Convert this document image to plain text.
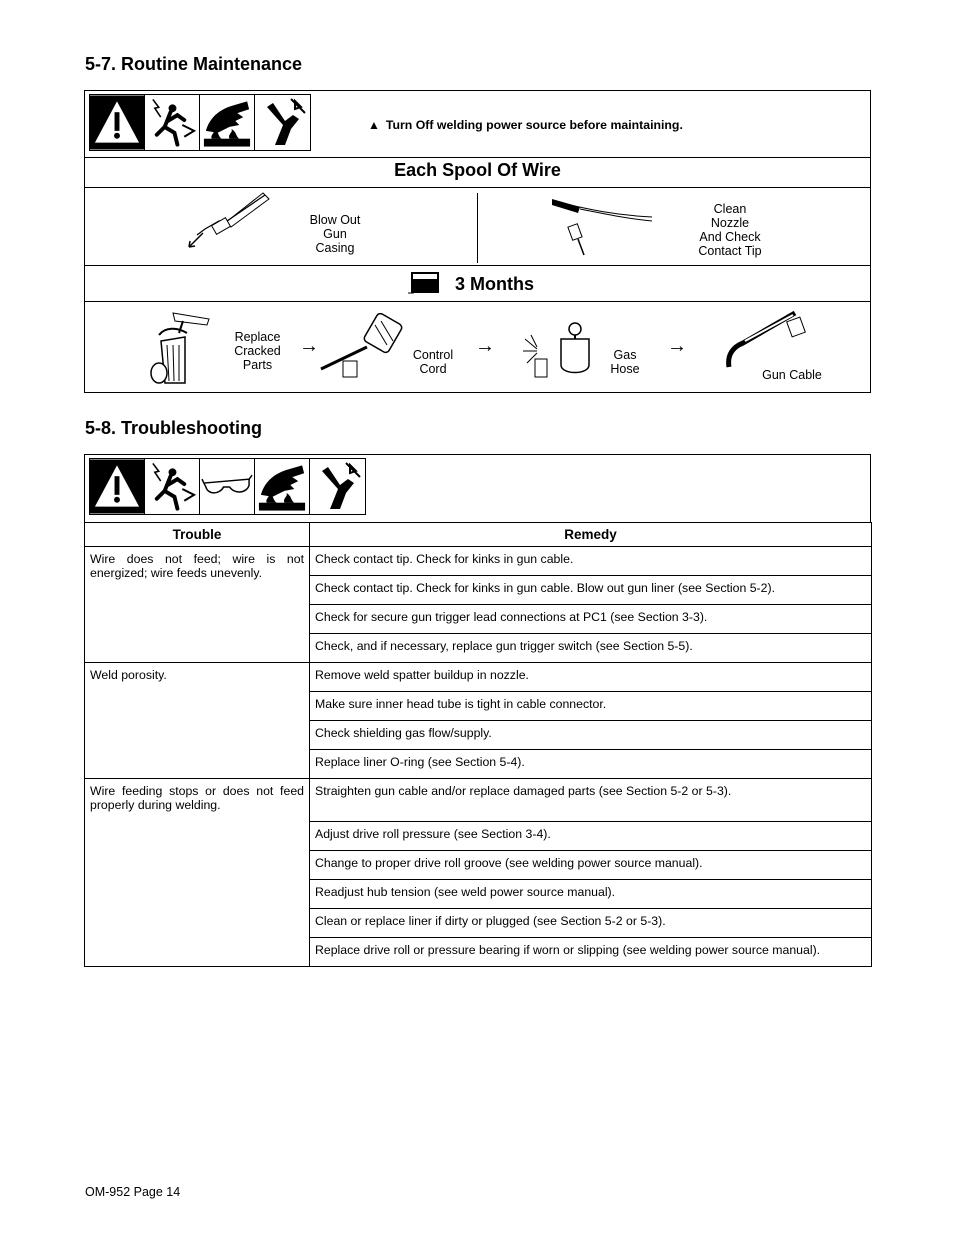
5-7. Routine Maintenance
▲ Turn Off welding power source before maintaining.
Each Spool Of Wire
Blow Out
Gun
Casing
Clean
Nozzle
And Check
Contact Tip
3 Months
Replace
Cracked
Parts
→	Control
Cord
→	Gas
Hose
→
Gun Cable
5-8. Troubleshooting
Trouble	Remedy
Wire does not feed; wire is not energized; wire feeds unevenly.	Check contact tip. Check for kinks in gun cable.
	Check contact tip. Check for kinks in gun cable. Blow out gun liner (see Section 5-2).
	Check for secure gun trigger lead connections at PC1 (see Section 3-3).
	Check, and if necessary, replace gun trigger switch (see Section 5-5).
Weld porosity.	Remove weld spatter buildup in nozzle.
	Make sure inner head tube is tight in cable connector.
	Check shielding gas flow/supply.
	Replace liner O-ring (see Section 5-4).
Wire feeding stops or does not feed properly during welding.	Straighten gun cable and/or replace damaged parts (see Section 5-2 or 5-3).
	Adjust drive roll pressure (see Section 3-4).
	Change to proper drive roll groove (see welding power source manual).
	Readjust hub tension (see weld power source manual).
	Clean or replace liner if dirty or plugged (see Section 5-2 or 5-3).
	Replace drive roll or pressure bearing if worn or slipping (see welding power source manual).
OM-952 Page 14
